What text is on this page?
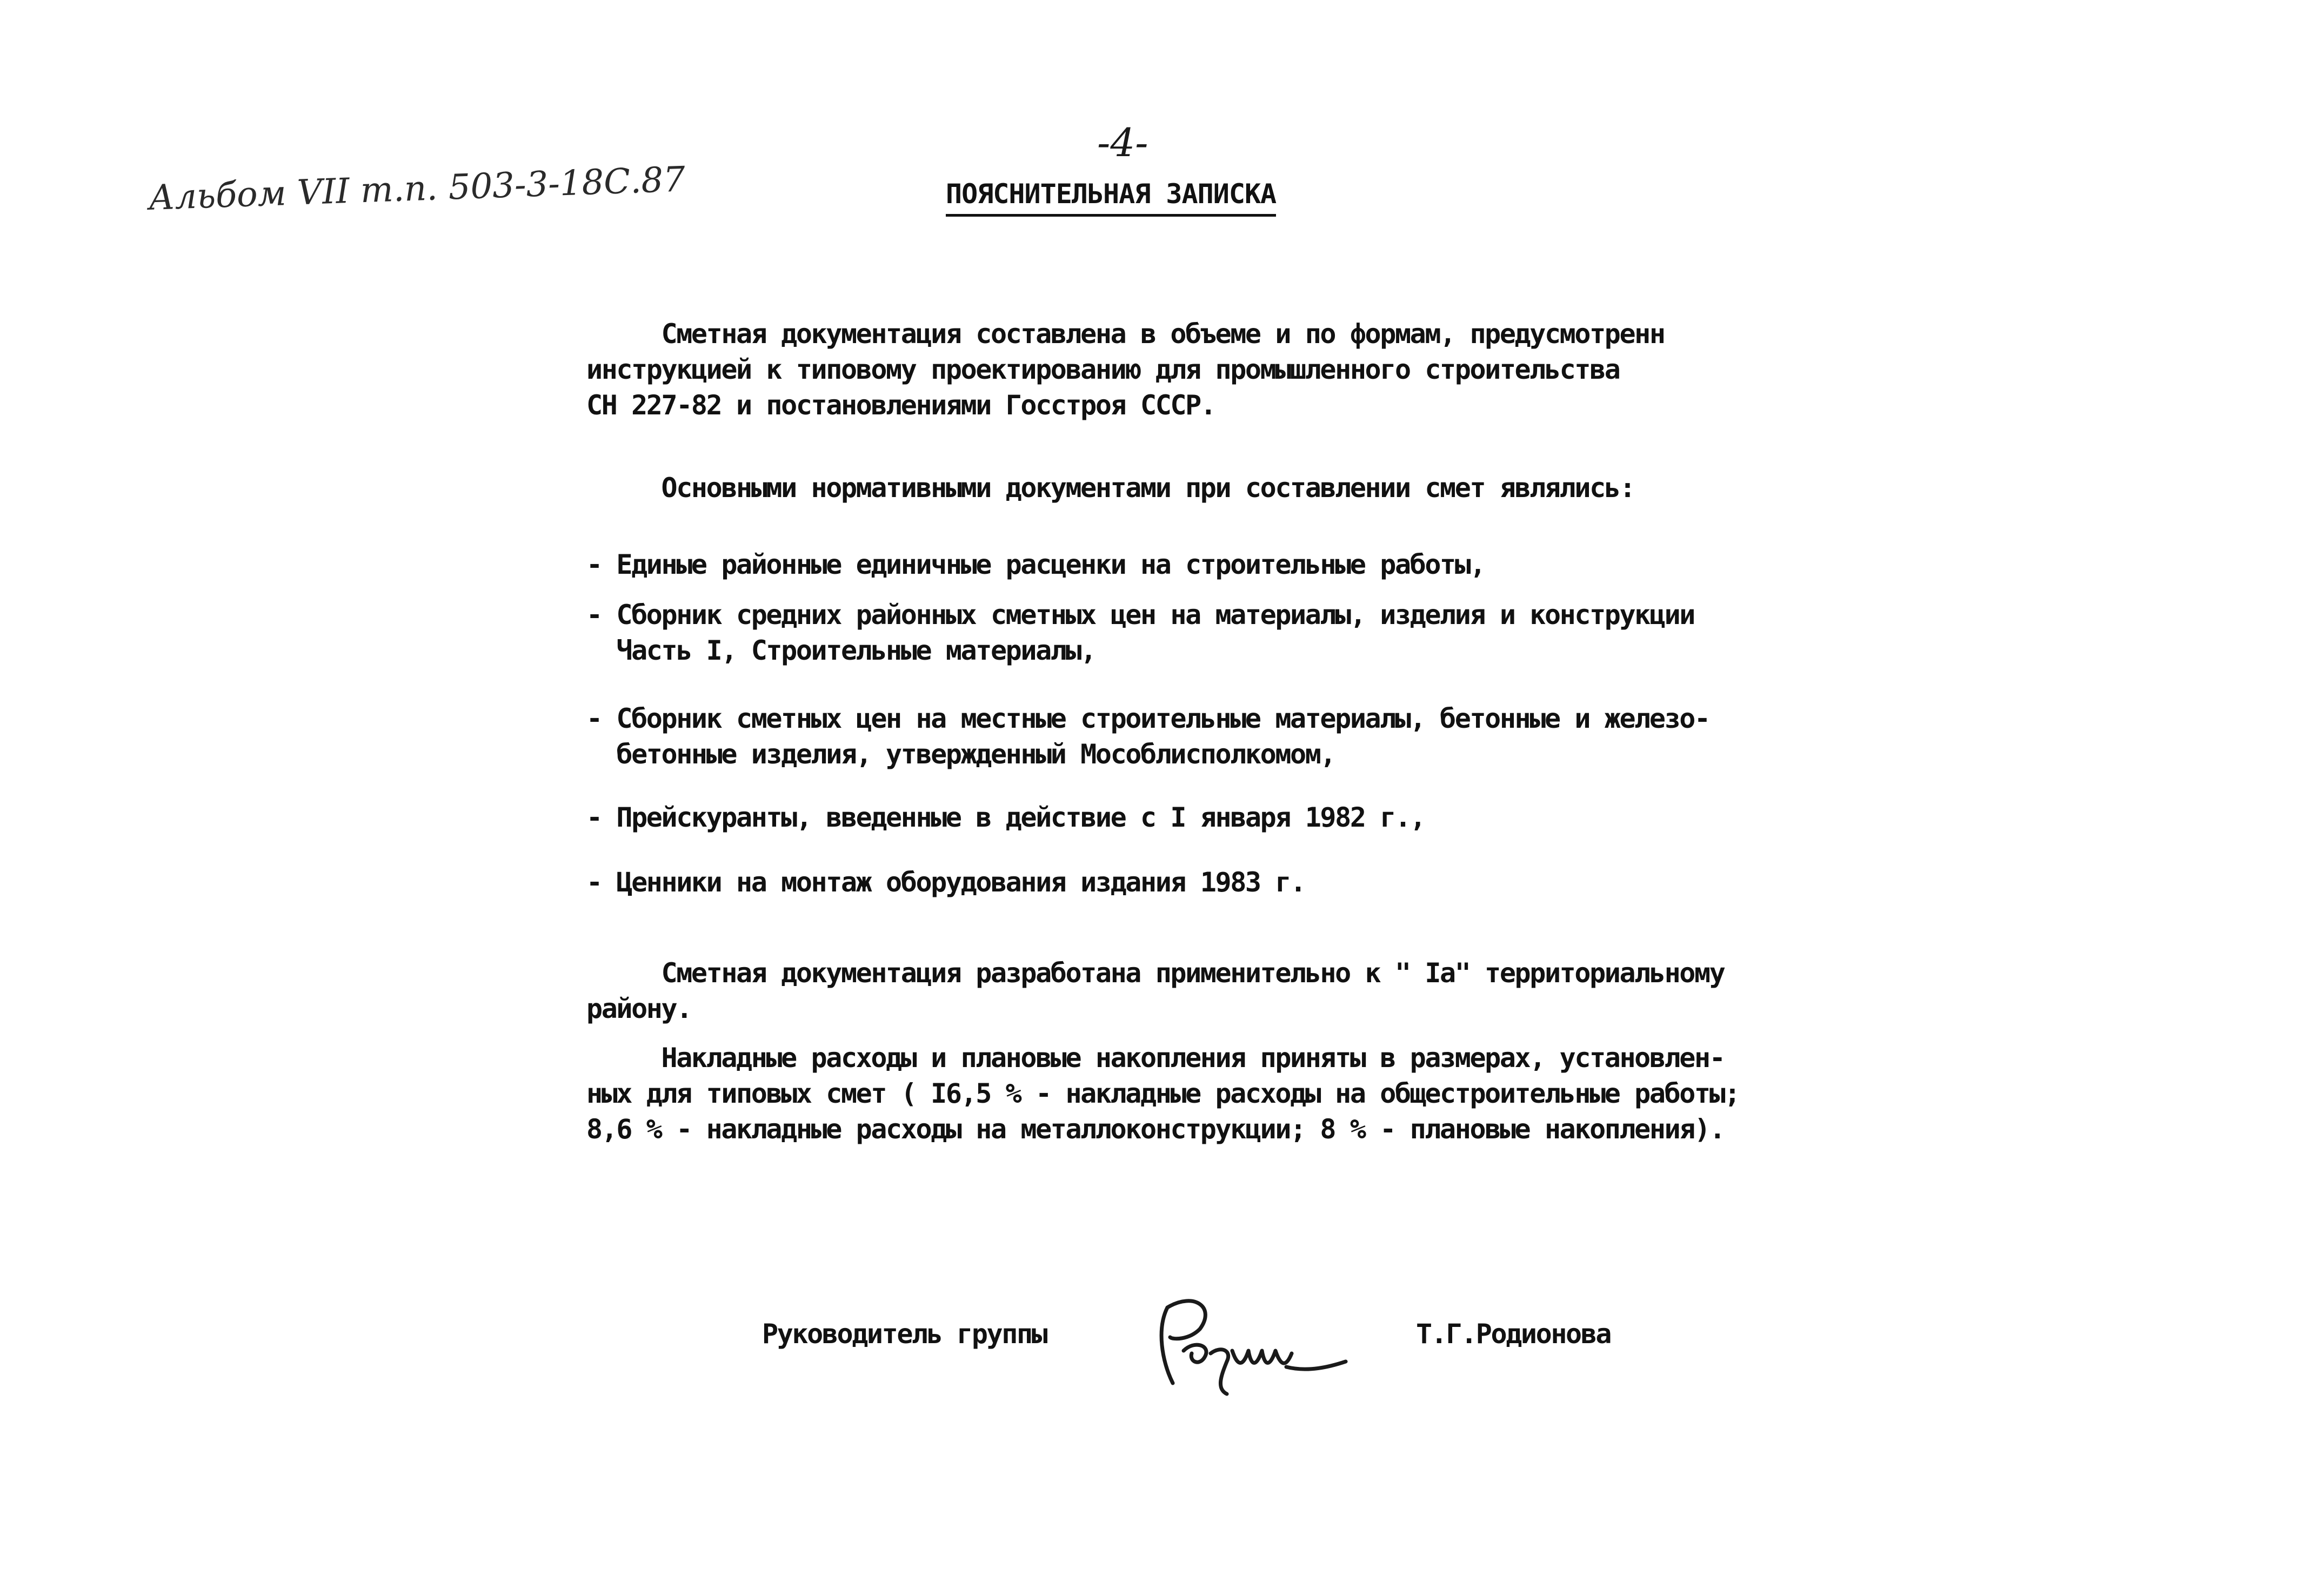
-4-
Альбом VII т.п. 503-3-18С.87	ПОЯСНИТЕЛЬНАЯ ЗАПИСКА
Сметная документация составлена в объеме и по формам, предусмотренн
инструкцией к типовому проектированию для промышленного строительства
СН 227-82 и постановлениями Госстроя СССР.
Основными нормативными документами при составлении смет являлись:
- Единые районные единичные расценки на строительные работы,
- Сборник средних районных сметных цен на материалы, изделия и конструкции
Часть I, Строительные материалы,
- Сборник сметных цен на местные строительные материалы, бетонные и железо-
бетонные изделия, утвержденный Мособлисполкомом,
- Прейскуранты, введенные в действие с I января 1982 г.,
- Ценники на монтаж оборудования издания 1983 г.
Сметная документация разработана применительно к " Iа" территориальному
району.
Накладные расходы и плановые накопления приняты в размерах, установлен-
ных для типовых смет ( I6,5 % - накладные расходы на общестроительные работы;
8,6 % - накладные расходы на металлоконструкции; 8 % - плановые накопления).
Руководитель группы	Т.Г.Родионова
